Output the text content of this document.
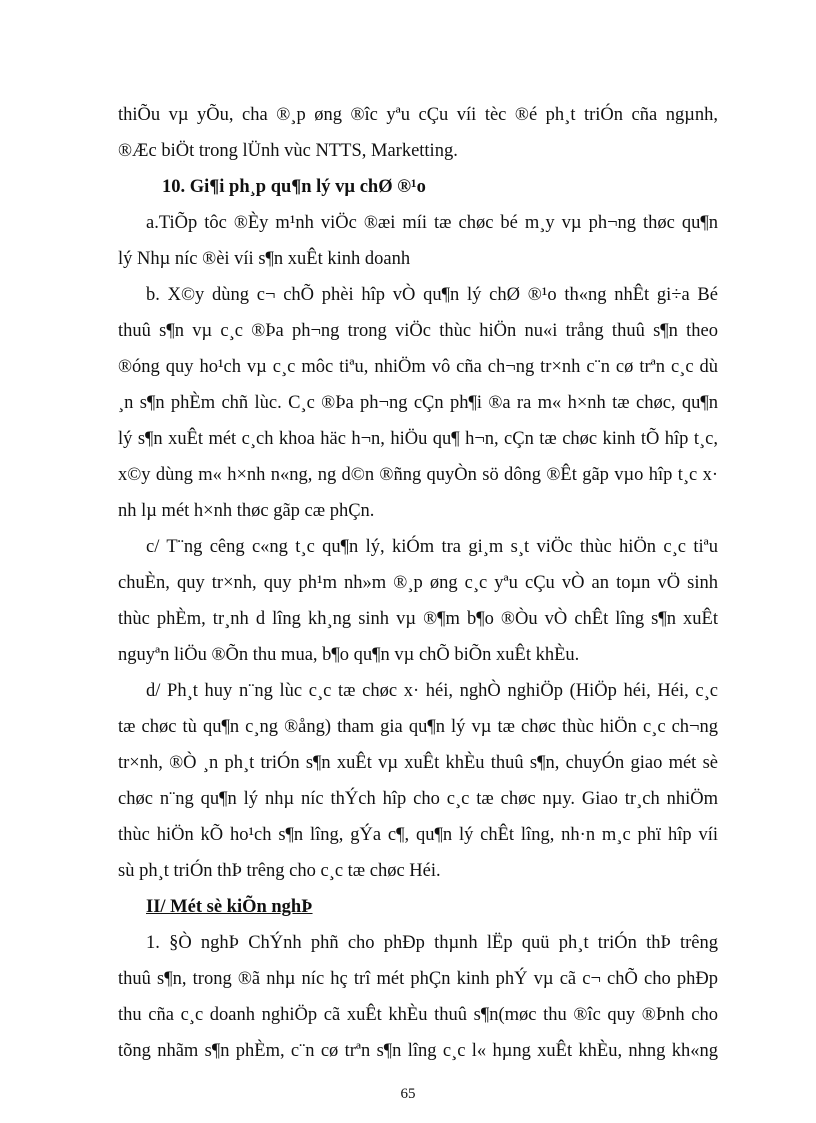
thiÕu vµ yÕu, cha ®¸p øng ®îc yªu cÇu víi tèc ®é ph¸t triÓn cña ngµnh,
®Æc biÖt trong lÜnh vùc NTTS, Marketting.
10. Gi¶i ph¸p qu¶n lý vµ chØ ®¹o
a.TiÕp tôc ®Èy m¹nh viÖc ®æi míi tæ chøc bé m¸y vµ ph¬ng thøc qu¶n
lý Nhµ níc ®èi víi s¶n xuÊt kinh doanh
b. X©y dùng c¬ chÕ phèi hîp vÒ qu¶n lý chØ ®¹o th«ng nhÊt gi÷a Bé
thuû s¶n vµ c¸c ®Þa ph¬ng trong viÖc thùc hiÖn nu«i trång thuû s¶n theo
®óng quy ho¹ch vµ c¸c môc tiªu, nhiÖm vô cña ch¬ng tr×nh c¨n cø trªn c¸c dù
¸n s¶n phÈm chñ lùc. C¸c ®Þa ph¬ng cÇn ph¶i ®a ra m« h×nh tæ chøc, qu¶n
lý s¶n xuÊt mét c¸ch khoa häc h¬n, hiÖu qu¶ h¬n, cÇn tæ chøc kinh tÕ hîp t¸c,
x©y dùng m« h×nh n«ng, ng d©n ®ñng quyÒn sö dông ®Êt gãp vµo hîp t¸c x·
nh lµ mét h×nh thøc gãp cæ phÇn.
c/ T¨ng cêng c«ng t¸c qu¶n lý, kiÓm tra gi¸m s¸t viÖc thùc hiÖn c¸c tiªu
chuÈn, quy tr×nh, quy ph¹m nh»m ®¸p øng c¸c yªu cÇu vÒ an toµn vÖ sinh
thùc phÈm, tr¸nh d lîng kh¸ng sinh vµ ®¶m b¶o ®Òu vÒ chÊt lîng s¶n xuÊt
nguyªn liÖu ®Õn thu mua, b¶o qu¶n vµ chÕ biÕn xuÊt khÈu.
d/ Ph¸t huy n¨ng lùc c¸c tæ chøc x· héi, nghÒ nghiÖp (HiÖp héi, Héi, c¸c
tæ chøc tù qu¶n c¸ng ®ång) tham gia qu¶n lý vµ tæ chøc thùc hiÖn c¸c ch¬ng
tr×nh, ®Ò ¸n ph¸t triÓn s¶n xuÊt vµ xuÊt khÈu thuû s¶n, chuyÓn giao mét sè
chøc n¨ng qu¶n lý nhµ níc thÝch hîp cho c¸c tæ chøc nµy. Giao tr¸ch nhiÖm
thùc hiÖn kÕ ho¹ch s¶n lîng, gÝa c¶, qu¶n lý chÊt lîng, nh·n m¸c phï hîp víi
sù ph¸t triÓn thÞ trêng cho c¸c tæ chøc Héi.
II/ Mét sè kiÕn nghÞ
1. §Ò nghÞ ChÝnh phñ cho phÐp thµnh lËp quü ph¸t triÓn thÞ trêng
thuû s¶n, trong ®ã nhµ níc hç trî mét phÇn kinh phÝ vµ cã c¬ chÕ cho phÐp
thu cña c¸c doanh nghiÖp cã xuÊt khÈu thuû s¶n(møc thu ®îc quy ®Þnh cho
tõng nhãm s¶n phÈm, c¨n cø trªn s¶n lîng c¸c l« hµng xuÊt khÈu, nhng kh«ng
65
